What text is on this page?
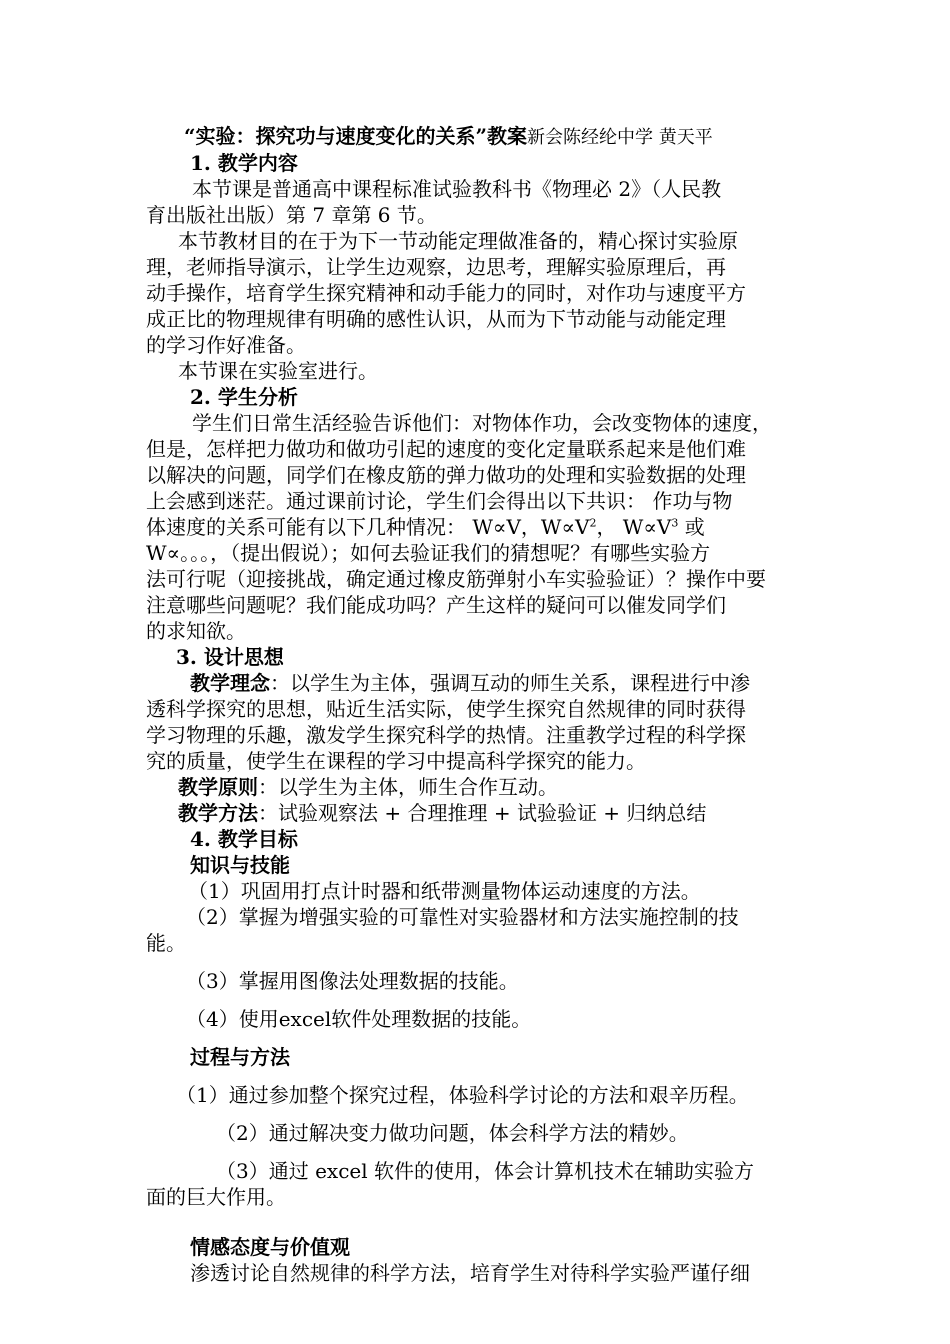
“实验：探究功与速度变化的关系”教案新会陈经纶中学 黄天平
1. 教学内容
本节课是普通高中课程标准试验教科书《物理必 2》（人民教
育出版社出版）第 7 章第 6 节。
本节教材目的在于为下一节动能定理做准备的，精心探讨实验原
理，老师指导演示，让学生边观察，边思考，理解实验原理后，再
动手操作，培育学生探究精神和动手能力的同时，对作功与速度平方
成正比的物理规律有明确的感性认识，从而为下节动能与动能定理
的学习作好准备。
本节课在实验室进行。
2. 学生分析
学生们日常生活经验告诉他们：对物体作功，会改变物体的速度，
但是，怎样把力做功和做功引起的速度的变化定量联系起来是他们难
以解决的问题，同学们在橡皮筋的弹力做功的处理和实验数据的处理
上会感到迷茫。通过课前讨论，学生们会得出以下共识： 作功与物
体速度的关系可能有以下几种情况： W∝V，$W\propto V^2$， $W\propto V^3$ 或
W∝。。。，（提出假说）；如何去验证我们的猜想呢？有哪些实验方
法可行呢（迎接挑战，确定通过橡皮筋弹射小车实验验证）？操作中要
注意哪些问题呢？我们能成功吗？产生这样的疑问可以催发同学们
的求知欲。
3. 设计思想
教学理念：以学生为主体，强调互动的师生关系，课程进行中渗
透科学探究的思想，贴近生活实际，使学生探究自然规律的同时获得
学习物理的乐趣，激发学生探究科学的热情。注重教学过程的科学探
究的质量，使学生在课程的学习中提高科学探究的能力。
教学原则：以学生为主体，师生合作互动。
教学方法：试验观察法 + 合理推理 + 试验验证 + 归纳总结
4. 教学目标
知识与技能
（1）巩固用打点计时器和纸带测量物体运动速度的方法。
（2）掌握为增强实验的可靠性对实验器材和方法实施控制的技
能。
（3）掌握用图像法处理数据的技能。
（4）使用excel软件处理数据的技能。
过程与方法
（1）通过参加整个探究过程，体验科学讨论的方法和艰辛历程。
（2）通过解决变力做功问题，体会科学方法的精妙。
（3）通过 excel 软件的使用，体会计算机技术在辅助实验方
面的巨大作用。
情感态度与价值观
渗透讨论自然规律的科学方法，培育学生对待科学实验严谨仔细
